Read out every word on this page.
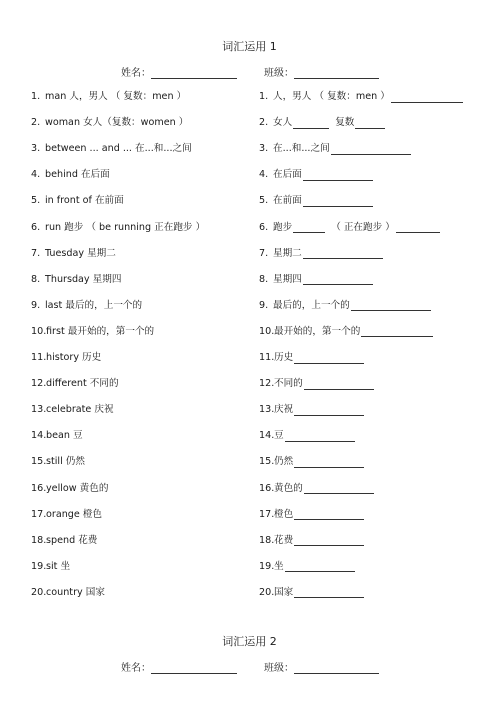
词汇运用 1
姓名：	班级：
1. man 人，男人 （ 复数：men ）	1. 人，男人 （ 复数：men ）
2. woman 女人（复数：women ）	2. 女人	复数
3. between ... and ... 在...和...之间	3. 在...和...之间
4. behind 在后面	4. 在后面
5. in front of 在前面	5. 在前面
6. run 跑步 （ be running 正在跑步 ）	6. 跑步	（ 正在跑步 ）
7. Tuesday 星期二	7. 星期二
8. Thursday 星期四	8. 星期四
9. last 最后的，上一个的	9. 最后的，上一个的
10. first 最开始的，第一个的	10. 最开始的，第一个的
11. history 历史	11. 历史
12. different 不同的	12. 不同的
13. celebrate 庆祝	13. 庆祝
14. bean 豆	14. 豆
15. still 仍然	15. 仍然
16. yellow 黄色的	16. 黄色的
17. orange 橙色	17. 橙色
18. spend 花费	18. 花费
19. sit 坐	19. 坐
20. country 国家	20. 国家
词汇运用 2
姓名：	班级：
